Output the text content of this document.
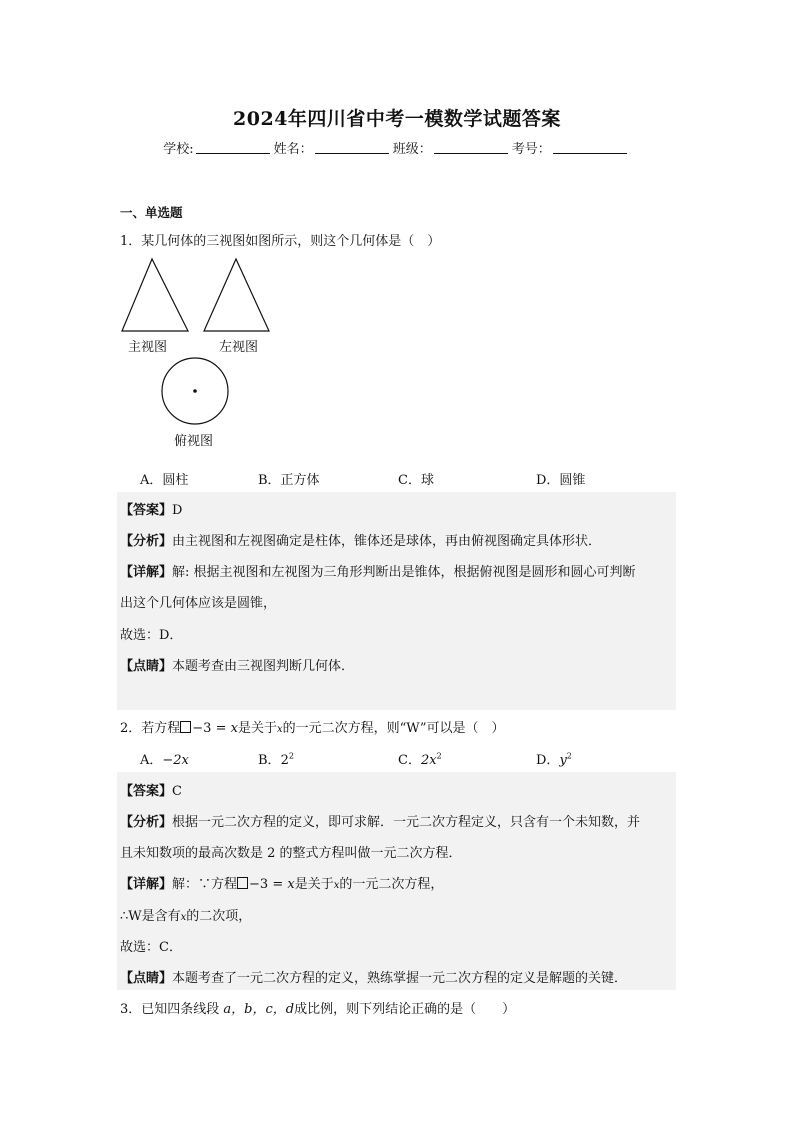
2024年四川省中考一模数学试题答案
学校:	姓名：	班级：	考号：
一、单选题
1．某几何体的三视图如图所示，则这个几何体是（　）
主视图	左视图
俯视图
A．圆柱	B．正方体	C．球	D．圆锥
【答案】D
【分析】由主视图和左视图确定是柱体，锥体还是球体，再由俯视图确定具体形状．
【详解】解: 根据主视图和左视图为三角形判断出是锥体，根据俯视图是圆形和圆心可判断
出这个几何体应该是圆锥，
故选：D．
【点睛】本题考查由三视图判断几何体．
2．若方程 −3 = x是关于x的一元二次方程，则“W”可以是（　）
A．−2x	B．$2^2$	C．$2x^2$	D．$y^2$
【答案】C
【分析】根据一元二次方程的定义，即可求解．一元二次方程定义，只含有一个未知数，并
且未知数项的最高次数是 2 的整式方程叫做一元二次方程．
【详解】解：∵方程 −3 = x是关于x的一元二次方程，
∴W是含有x的二次项，
故选：C．
【点睛】本题考查了一元二次方程的定义，熟练掌握一元二次方程的定义是解题的关键．
3．已知四条线段 a，b，c，d成比例，则下列结论正确的是（　　）
